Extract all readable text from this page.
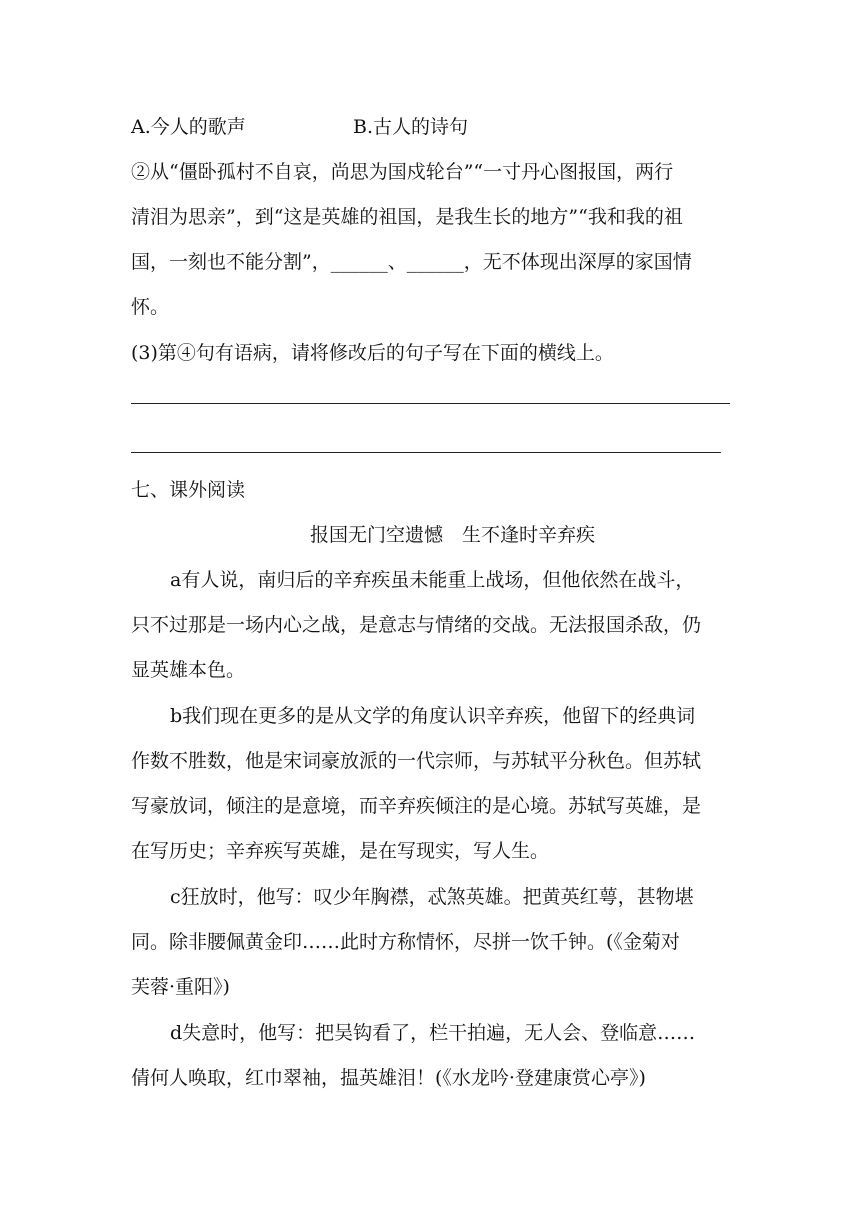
A.今人的歌声	B.古人的诗句
②从“僵卧孤村不自哀，尚思为国戍轮台”“一寸丹心图报国，两行
清泪为思亲”，到“这是英雄的祖国，是我生长的地方”“我和我的祖
国，一刻也不能分割”，______、______，无不体现出深厚的家国情
怀。
(3)第④句有语病，请将修改后的句子写在下面的横线上。
七、课外阅读
报国无门空遗憾　生不逢时辛弃疾
a有人说，南归后的辛弃疾虽未能重上战场，但他依然在战斗，
只不过那是一场内心之战，是意志与情绪的交战。无法报国杀敌，仍
显英雄本色。
b我们现在更多的是从文学的角度认识辛弃疾，他留下的经典词
作数不胜数，他是宋词豪放派的一代宗师，与苏轼平分秋色。但苏轼
写豪放词，倾注的是意境，而辛弃疾倾注的是心境。苏轼写英雄，是
在写历史；辛弃疾写英雄，是在写现实，写人生。
c狂放时，他写：叹少年胸襟，忒煞英雄。把黄英红萼，甚物堪
同。除非腰佩黄金印……此时方称情怀，尽拼一饮千钟。(《金菊对
芙蓉·重阳》)
d失意时，他写：把吴钩看了，栏干拍遍，无人会、登临意……
倩何人唤取，红巾翠袖，揾英雄泪！(《水龙吟·登建康赏心亭》)
